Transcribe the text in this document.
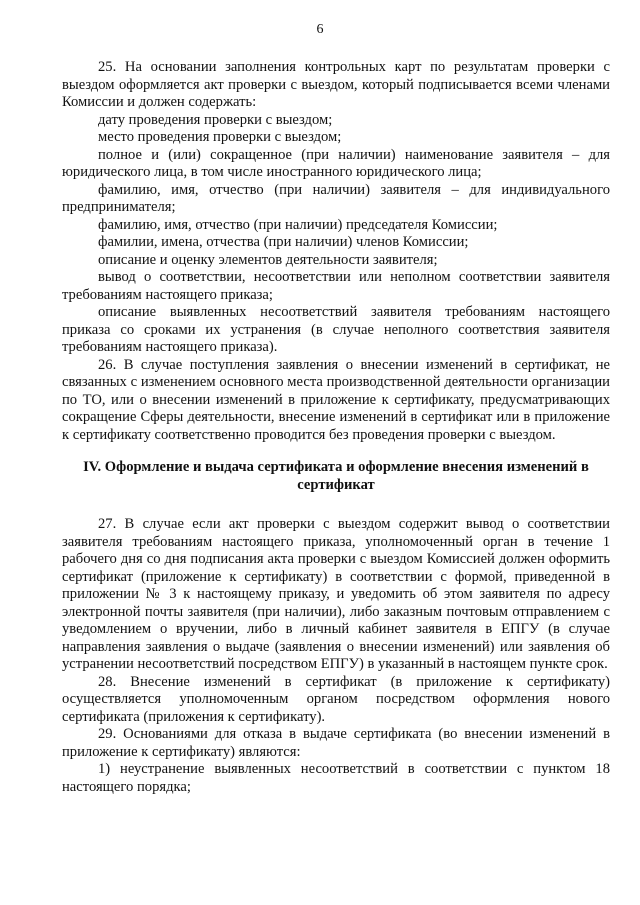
6

25. На основании заполнения контрольных карт по результатам проверки с выездом оформляется акт проверки с выездом, который подписывается всеми членами Комиссии и должен содержать:

дату проведения проверки с выездом;

место проведения проверки с выездом;

полное и (или) сокращенное (при наличии) наименование заявителя – для юридического лица, в том числе иностранного юридического лица;

фамилию, имя, отчество (при наличии) заявителя – для индивидуального предпринимателя;

фамилию, имя, отчество (при наличии) председателя Комиссии;

фамилии, имена, отчества (при наличии) членов Комиссии;

описание и оценку элементов деятельности заявителя;

вывод о соответствии, несоответствии или неполном соответствии заявителя требованиям настоящего приказа;

описание выявленных несоответствий заявителя требованиям настоящего приказа со сроками их устранения (в случае неполного соответствия заявителя требованиям настоящего приказа).

26. В случае поступления заявления о внесении изменений в сертификат, не связанных с изменением основного места производственной деятельности организации по ТО, или о внесении изменений в приложение к сертификату, предусматривающих сокращение Сферы деятельности, внесение изменений в сертификат или в приложение к сертификату соответственно проводится без проведения проверки с выездом.

IV. Оформление и выдача сертификата и оформление внесения изменений в сертификат

27. В случае если акт проверки с выездом содержит вывод о соответствии заявителя требованиям настоящего приказа, уполномоченный орган в течение 1 рабочего дня со дня подписания акта проверки с выездом Комиссией должен оформить сертификат (приложение к сертификату) в соответствии с формой, приведенной в приложении № 3 к настоящему приказу, и уведомить об этом заявителя по адресу электронной почты заявителя (при наличии), либо заказным почтовым отправлением с уведомлением о вручении, либо в личный кабинет заявителя в ЕПГУ (в случае направления заявления о выдаче (заявления о внесении изменений) или заявления об устранении несоответствий посредством ЕПГУ) в указанный в настоящем пункте срок.

28. Внесение изменений в сертификат (в приложение к сертификату) осуществляется уполномоченным органом посредством оформления нового сертификата (приложения к сертификату).

29. Основаниями для отказа в выдаче сертификата (во внесении изменений в приложение к сертификату) являются:

1) неустранение выявленных несоответствий в соответствии с пунктом 18 настоящего порядка;
